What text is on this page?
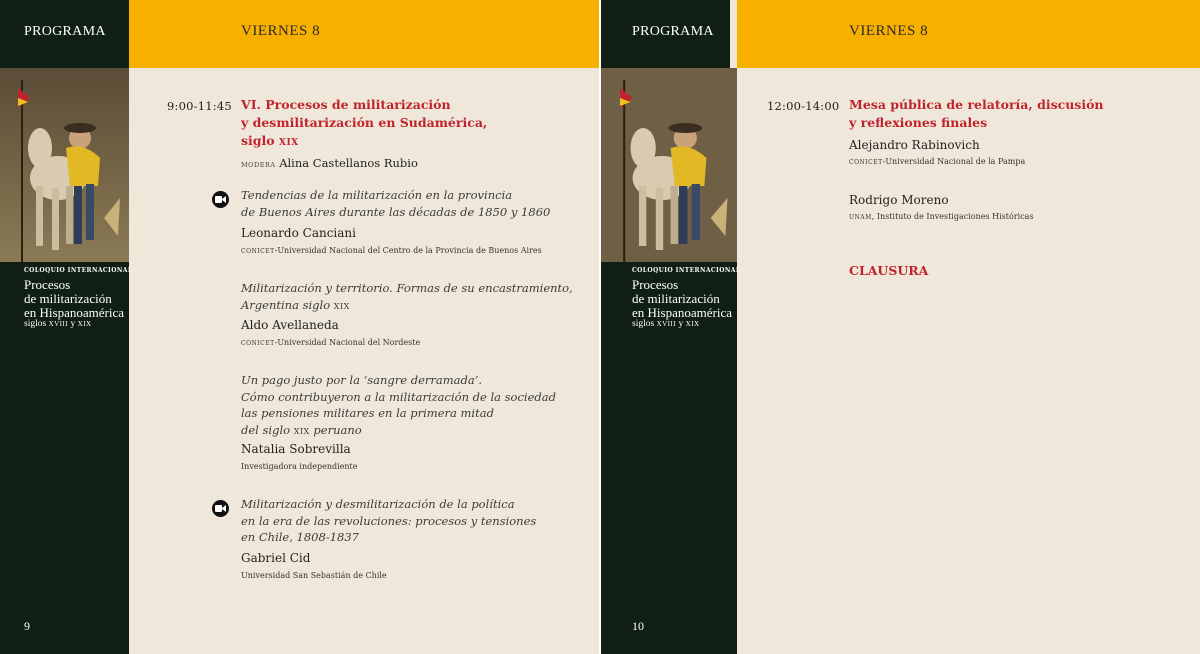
PROGRAMA	VIERNES 8
COLOQUIO INTERNACIONAL
Procesos
de militarización
en Hispanoamérica
siglos XVIII y XIX
9
9:00-11:45 VI. Procesos de militarización
y desmilitarización en Sudamérica,
siglo XIX
MODERA Alina Castellanos Rubio
Tendencias de la militarización en la provincia
de Buenos Aires durante las décadas de 1850 y 1860
Leonardo Canciani
CONICET-Universidad Nacional del Centro de la Provincia de Buenos Aires
Militarización y territorio. Formas de su encastramiento,
Argentina siglo XIX
Aldo Avellaneda
CONICET-Universidad Nacional del Nordeste
Un pago justo por la ‘sangre derramada’.
Cómo contribuyeron a la militarización de la sociedad
las pensiones militares en la primera mitad
del siglo XIX peruano
Natalia Sobrevilla
Investigadora independiente
Militarización y desmilitarización de la política
en la era de las revoluciones: procesos y tensiones
en Chile, 1808-1837
Gabriel Cid
Universidad San Sebastián de Chile
PROGRAMA	VIERNES 8
COLOQUIO INTERNACIONAL
Procesos
de militarización
en Hispanoamérica
siglos XVIII y XIX
10
12:00-14:00 Mesa pública de relatoría, discusión
y reflexiones finales
Alejandro Rabinovich
CONICET-Universidad Nacional de la Pampa
Rodrigo Moreno
UNAM, Instituto de Investigaciones Históricas
CLAUSURA
